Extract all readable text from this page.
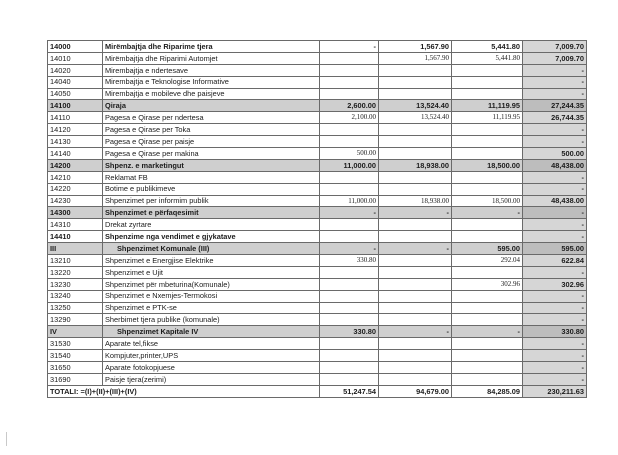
14000	Mirëmbajtja dhe Riparime tjera	-	1,567.90	5,441.80	7,009.70
14010	Mirëmbajtja dhe Riparimi Automjet		1,567.90	5,441.80	7,009.70
14020	Mirembajtja e ndertesave				-
14040	Mirembajtja e Teknologise Informative				-
14050	Mirembajtja e mobileve dhe paisjeve				-
14100	Qiraja	2,600.00	13,524.40	11,119.95	27,244.35
14110	Pagesa e Qirase per ndertesa	2,100.00	13,524.40	11,119.95	26,744.35
14120	Pagesa e Qirase per Toka				-
14130	Pagesa e Qirase per paisje				-
14140	Pagesa e Qirase per makina	500.00			500.00
14200	Shpenz. e marketingut	11,000.00	18,938.00	18,500.00	48,438.00
14210	Reklamat FB				-
14220	Botime e publikimeve				-
14230	Shpenzimet per informim publik	11,000.00	18,938.00	18,500.00	48,438.00
14300	Shpenzimet e përfaqesimit	-	-	-	-
14310	Drekat zyrtare				-
14410	Shpenzime nga vendimet e gjykatave				-
III	Shpenzimet Komunale (III)	-	-	595.00	595.00
13210	Shpenzimet e Energjise Elektrike	330.80		292.04	622.84
13220	Shpenzimet e Ujit				-
13230	Shpenzimet për mbeturina(Komunale)			302.96	302.96
13240	Shpenzimet e Nxemjes-Termokosi				-
13250	Shpenzimet e PTK-se				-
13290	Sherbimet tjera publike (komunale)				-
IV	Shpenzimet Kapitale IV	330.80	-	-	330.80
31530	Aparate tel,fikse				-
31540	Kompjuter,printer,UPS				-
31650	Aparate fotokopjuese				-
31690	Paisje tjera(zerimi)				-
TOTALI: =(I)+(II)+(III)+(IV)		51,247.54	94,679.00	84,285.09	230,211.63
